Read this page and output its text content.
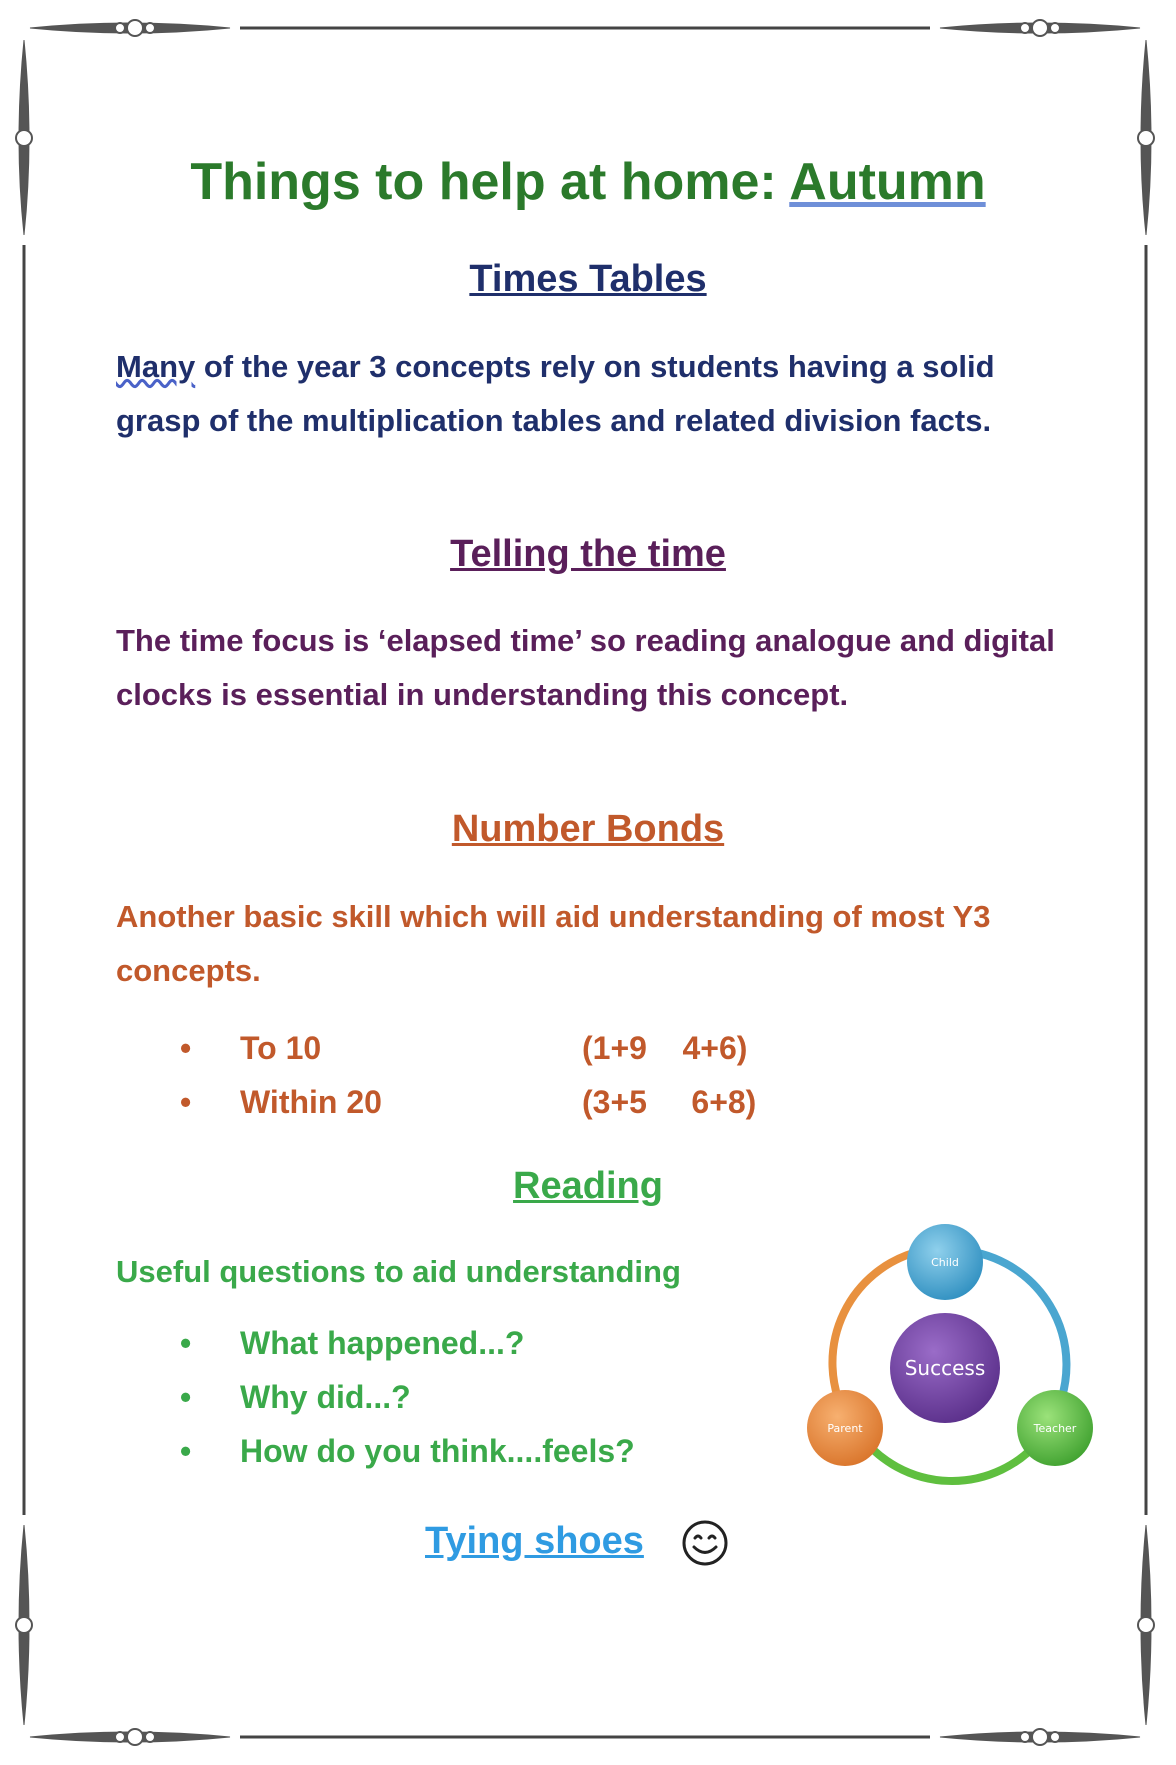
Things to help at home: Autumn
Times Tables

Many of the year 3 concepts rely on students having a solid grasp of the multiplication tables and related division facts.

Telling the time

The time focus is ‘elapsed time’ so reading analogue and digital clocks is essential in understanding this concept.

Number Bonds

Another basic skill which will aid understanding of most Y3 concepts.

• To 10	(1+9    4+6)
• Within 20	(3+5     6+8)
Reading

Useful questions to aid understanding

• What happened...?
• Why did...?
• How do you think....feels?
Success
Child
Teacher
Parent
Tying shoes
